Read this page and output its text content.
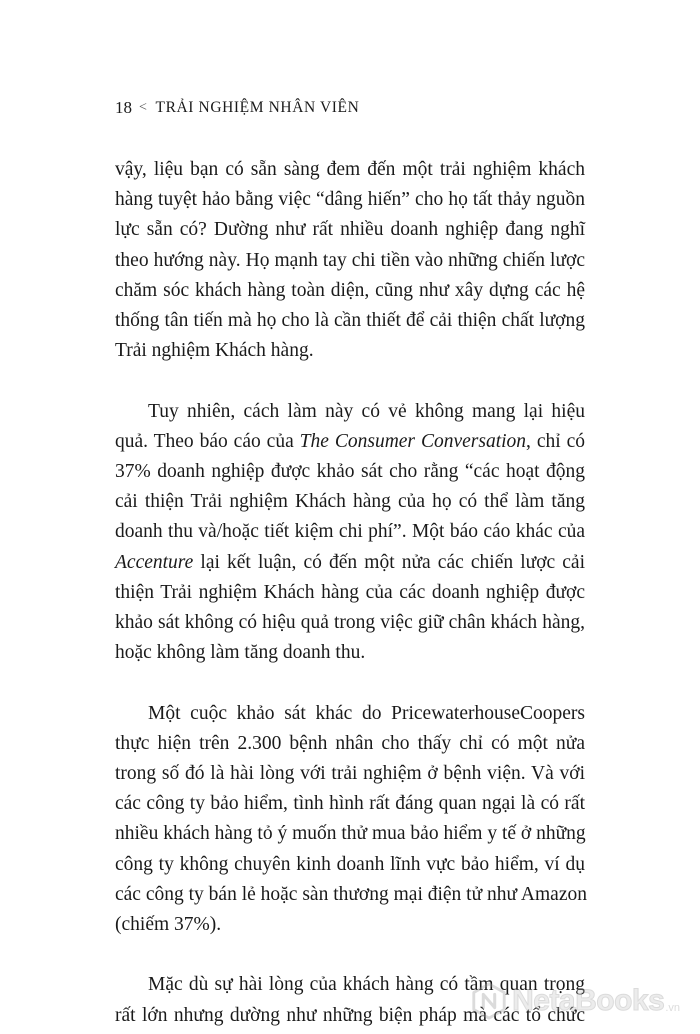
18 < TRẢI NGHIỆM NHÂN VIÊN
vậy, liệu bạn có sẵn sàng đem đến một trải nghiệm khách
hàng tuyệt hảo bằng việc “dâng hiến” cho họ tất thảy nguồn
lực sẵn có? Dường như rất nhiều doanh nghiệp đang nghĩ
theo hướng này. Họ mạnh tay chi tiền vào những chiến lược
chăm sóc khách hàng toàn diện, cũng như xây dựng các hệ
thống tân tiến mà họ cho là cần thiết để cải thiện chất lượng
Trải nghiệm Khách hàng.
Tuy nhiên, cách làm này có vẻ không mang lại hiệu
quả. Theo báo cáo của The Consumer Conversation, chỉ có
37% doanh nghiệp được khảo sát cho rằng “các hoạt động
cải thiện Trải nghiệm Khách hàng của họ có thể làm tăng
doanh thu và/hoặc tiết kiệm chi phí”. Một báo cáo khác của
Accenture lại kết luận, có đến một nửa các chiến lược cải
thiện Trải nghiệm Khách hàng của các doanh nghiệp được
khảo sát không có hiệu quả trong việc giữ chân khách hàng,
hoặc không làm tăng doanh thu.
Một cuộc khảo sát khác do PricewaterhouseCoopers
thực hiện trên 2.300 bệnh nhân cho thấy chỉ có một nửa
trong số đó là hài lòng với trải nghiệm ở bệnh viện. Và với
các công ty bảo hiểm, tình hình rất đáng quan ngại là có rất
nhiều khách hàng tỏ ý muốn thử mua bảo hiểm y tế ở những
công ty không chuyên kinh doanh lĩnh vực bảo hiểm, ví dụ
các công ty bán lẻ hoặc sàn thương mại điện tử như Amazon
(chiếm 37%).
Mặc dù sự hài lòng của khách hàng có tầm quan trọng
rất lớn nhưng dường như những biện pháp mà các tổ chức
NetaBooks .vn
